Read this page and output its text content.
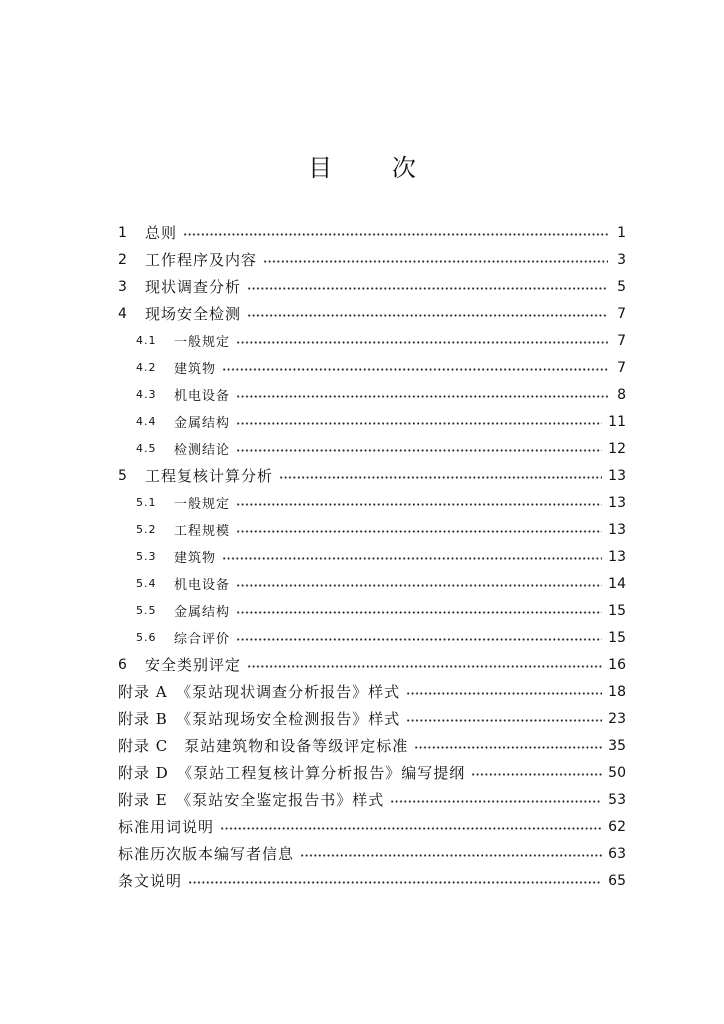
目 次
1	总则	1
2	工作程序及内容	3
3	现状调查分析	5
4	现场安全检测	7
4.1	一般规定	7
4.2	建筑物	7
4.3	机电设备	8
4.4	金属结构	11
4.5	检测结论	12
5	工程复核计算分析	13
5.1	一般规定	13
5.2	工程规模	13
5.3	建筑物	13
5.4	机电设备	14
5.5	金属结构	15
5.6	综合评价	15
6	安全类别评定	16
附录 A　《泵站现状调查分析报告》样式	18
附录 B　《泵站现场安全检测报告》样式	23
附录 C　泵站建筑物和设备等级评定标准	35
附录 D　《泵站工程复核计算分析报告》编写提纲	50
附录 E　《泵站安全鉴定报告书》样式	53
标准用词说明	62
标准历次版本编写者信息	63
条文说明	65
